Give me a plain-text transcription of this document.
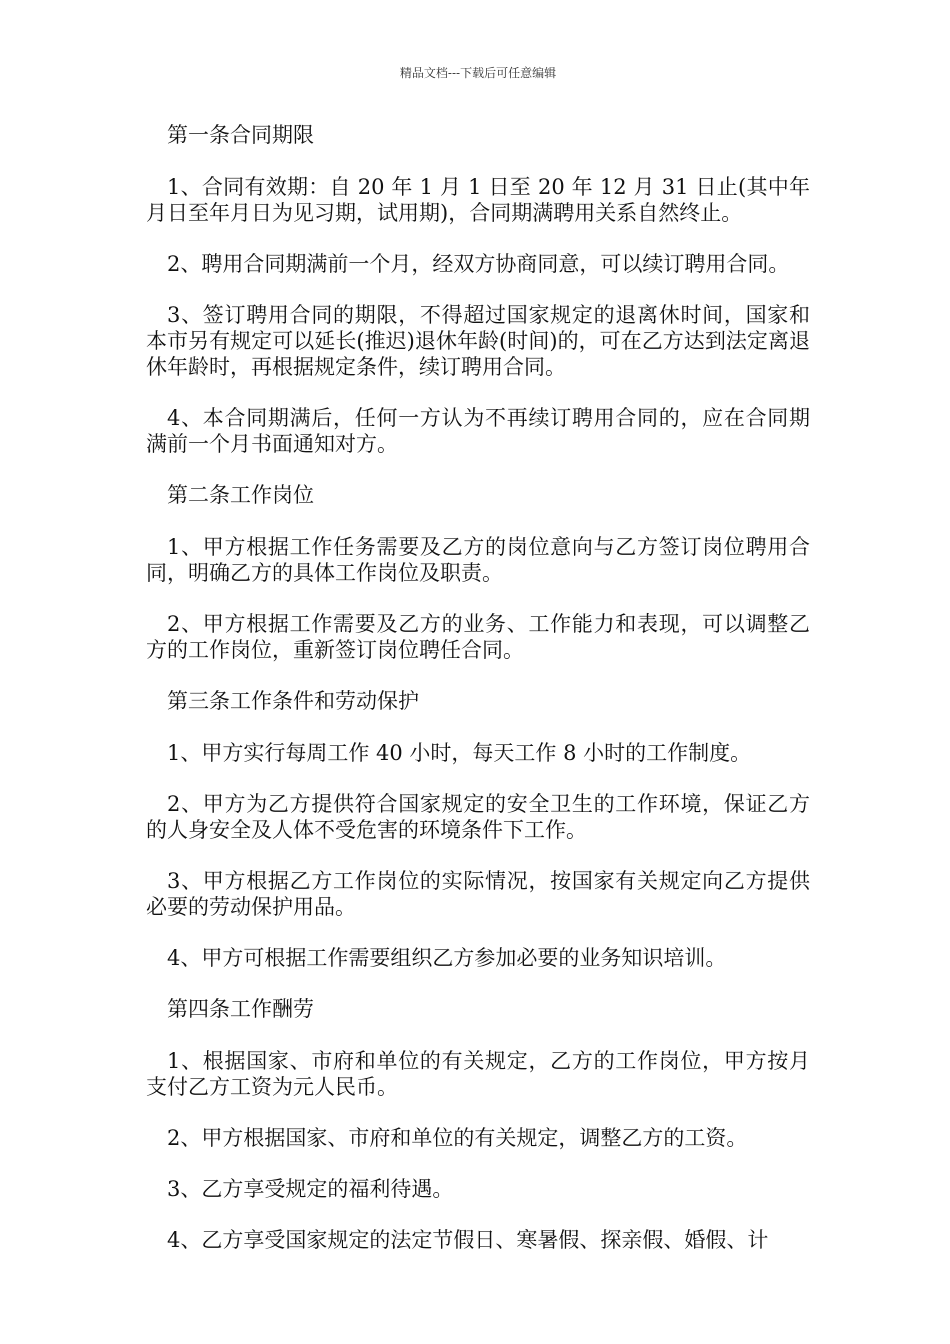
精品文档---下载后可任意编辑

第一条合同期限

1、合同有效期：自 20 年 1 月 1 日至 20 年 12 月 31 日止(其中年月日至年月日为见习期，试用期)，合同期满聘用关系自然终止。

2、聘用合同期满前一个月，经双方协商同意，可以续订聘用合同。

3、签订聘用合同的期限，不得超过国家规定的退离休时间，国家和本市另有规定可以延长(推迟)退休年龄(时间)的，可在乙方达到法定离退休年龄时，再根据规定条件，续订聘用合同。

4、本合同期满后，任何一方认为不再续订聘用合同的，应在合同期满前一个月书面通知对方。

第二条工作岗位

1、甲方根据工作任务需要及乙方的岗位意向与乙方签订岗位聘用合同，明确乙方的具体工作岗位及职责。

2、甲方根据工作需要及乙方的业务、工作能力和表现，可以调整乙方的工作岗位，重新签订岗位聘任合同。

第三条工作条件和劳动保护

1、甲方实行每周工作 40 小时，每天工作 8 小时的工作制度。

2、甲方为乙方提供符合国家规定的安全卫生的工作环境，保证乙方的人身安全及人体不受危害的环境条件下工作。

3、甲方根据乙方工作岗位的实际情况，按国家有关规定向乙方提供必要的劳动保护用品。

4、甲方可根据工作需要组织乙方参加必要的业务知识培训。

第四条工作酬劳

1、根据国家、市府和单位的有关规定，乙方的工作岗位，甲方按月支付乙方工资为元人民币。

2、甲方根据国家、市府和单位的有关规定，调整乙方的工资。

3、乙方享受规定的福利待遇。

4、乙方享受国家规定的法定节假日、寒暑假、探亲假、婚假、计
